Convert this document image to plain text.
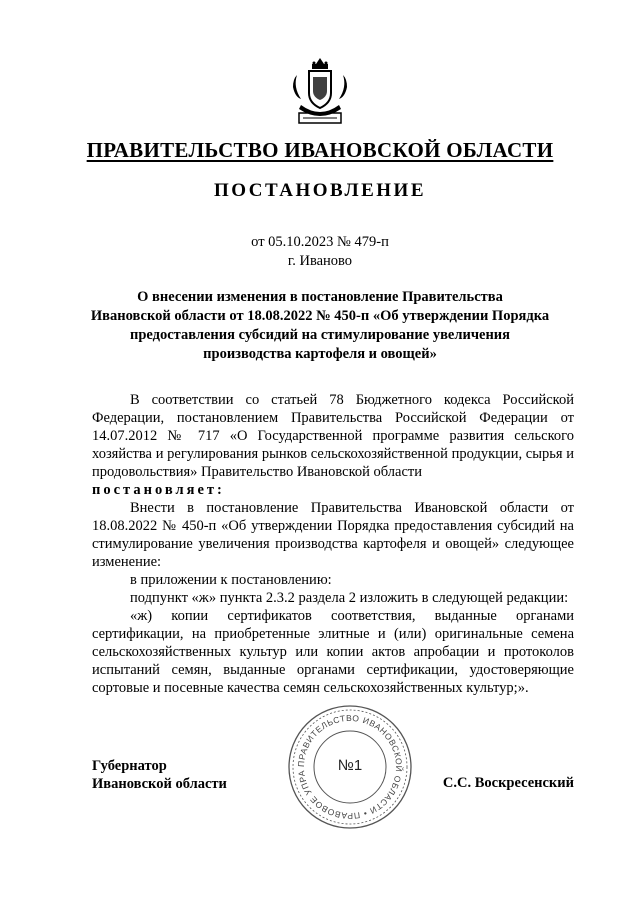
ПРАВИТЕЛЬСТВО ИВАНОВСКОЙ ОБЛАСТИ
ПОСТАНОВЛЕНИЕ
от 05.10.2023 № 479-п
г. Иваново
О внесении изменения в постановление Правительства
Ивановской области от 18.08.2022 № 450-п «Об утверждении Порядка
предоставления субсидий на стимулирование увеличения
производства картофеля и овощей»

В соответствии со статьей 78 Бюджетного кодекса Российской Федерации, постановлением Правительства Российской Федерации от 14.07.2012 № 717 «О Государственной программе развития сельского хозяйства и регулирования рынков сельскохозяйственной продукции, сырья и продовольствия» Правительство Ивановской области

постановляет:

Внести в постановление Правительства Ивановской области от 18.08.2022 № 450-п «Об утверждении Порядка предоставления субсидий на стимулирование увеличения производства картофеля и овощей» следующее изменение:

в приложении к постановлению:

подпункт «ж» пункта 2.3.2 раздела 2 изложить в следующей редакции:

«ж) копии сертификатов соответствия, выданные органами сертификации, на приобретенные элитные и (или) оригинальные семена сельскохозяйственных культур или копии актов апробации и протоколов испытаний семян, выданные органами сертификации, удостоверяющие сортовые и посевные качества семян сельскохозяйственных культур;».

Губернатор
Ивановской области
ПРАВИТЕЛЬСТВО ИВАНОВСКОЙ ОБЛАСТИ • ПРАВОВОЕ УПРА	№1
С.С. Воскресенский
